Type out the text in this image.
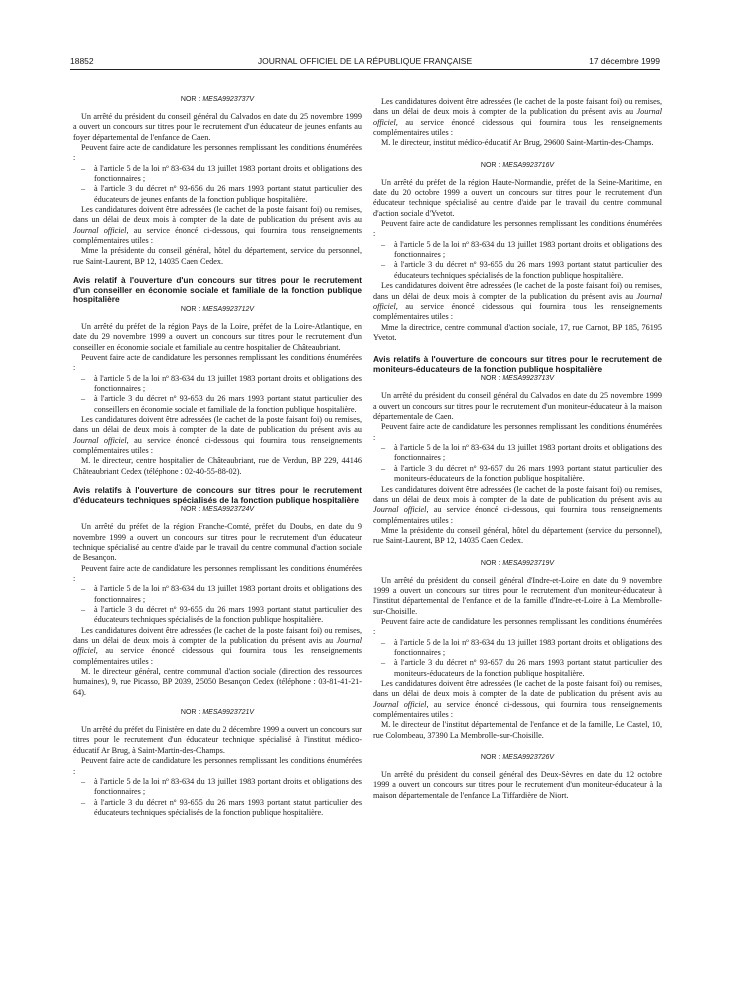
18852	JOURNAL OFFICIEL DE LA RÉPUBLIQUE FRANÇAISE	17 décembre 1999
NOR : MESA9923737V

Un arrêté du président du conseil général du Calvados en date du 25 novembre 1999 a ouvert un concours sur titres pour le recrutement d'un éducateur de jeunes enfants au foyer départemental de l'enfance de Caen.

Peuvent faire acte de candidature les personnes remplissant les conditions énumérées :

– à l'article 5 de la loi nº 83-634 du 13 juillet 1983 portant droits et obligations des fonctionnaires ;
– à l'article 3 du décret nº 93-656 du 26 mars 1993 portant statut particulier des éducateurs de jeunes enfants de la fonction publique hospitalière.

Les candidatures doivent être adressées (le cachet de la poste faisant foi) ou remises, dans un délai de deux mois à compter de la date de publication du présent avis au Journal officiel, au service énoncé ci-dessous, qui fournira tous renseignements complémentaires utiles :

Mme la présidente du conseil général, hôtel du département, service du personnel, rue Saint-Laurent, BP 12, 14035 Caen Cedex.

Avis relatif à l'ouverture d'un concours sur titres pour le recrutement d'un conseiller en économie sociale et familiale de la fonction publique hospitalière
NOR : MESA9923712V

Un arrêté du préfet de la région Pays de la Loire, préfet de la Loire-Atlantique, en date du 29 novembre 1999 a ouvert un concours sur titres pour le recrutement d'un conseiller en économie sociale et familiale au centre hospitalier de Châteaubriant.

Peuvent faire acte de candidature les personnes remplissant les conditions énumérées :

– à l'article 5 de la loi nº 83-634 du 13 juillet 1983 portant droits et obligations des fonctionnaires ;
– à l'article 3 du décret nº 93-653 du 26 mars 1993 portant statut particulier des conseillers en économie sociale et familiale de la fonction publique hospitalière.

Les candidatures doivent être adressées (le cachet de la poste faisant foi) ou remises, dans un délai de deux mois à compter de la date de publication du présent avis au Journal officiel, au service énoncé ci-dessous qui fournira tous renseignements complémentaires utiles :

M. le directeur, centre hospitalier de Châteaubriant, rue de Verdun, BP 229, 44146 Châteaubriant Cedex (téléphone : 02-40-55-88-02).

Avis relatifs à l'ouverture de concours sur titres pour le recrutement d'éducateurs techniques spécialisés de la fonction publique hospitalière
NOR : MESA9923724V

Un arrêté du préfet de la région Franche-Comté, préfet du Doubs, en date du 9 novembre 1999 a ouvert un concours sur titres pour le recrutement d'un éducateur technique spécialisé au centre d'aide par le travail du centre communal d'action sociale de Besançon.

Peuvent faire acte de candidature les personnes remplissant les conditions énumérées :

– à l'article 5 de la loi nº 83-634 du 13 juillet 1983 portant droits et obligations des fonctionnaires ;
– à l'article 3 du décret nº 93-655 du 26 mars 1993 portant statut particulier des éducateurs techniques spécialisés de la fonction publique hospitalière.

Les candidatures doivent être adressées (le cachet de la poste faisant foi) ou remises, dans un délai de deux mois à compter de la publication du présent avis au Journal officiel, au service énoncé cidessous qui fournira tous les renseignements complémentaires utiles :

M. le directeur général, centre communal d'action sociale (direction des ressources humaines), 9, rue Picasso, BP 2039, 25050 Besançon Cedex (téléphone : 03-81-41-21-64).

NOR : MESA9923721V

Un arrêté du préfet du Finistère en date du 2 décembre 1999 a ouvert un concours sur titres pour le recrutement d'un éducateur technique spécialisé à l'institut médico-éducatif Ar Brug, à Saint-Martin-des-Champs.

Peuvent faire acte de candidature les personnes remplissant les conditions énumérées :

– à l'article 5 de la loi nº 83-634 du 13 juillet 1983 portant droits et obligations des fonctionnaires ;
– à l'article 3 du décret nº 93-655 du 26 mars 1993 portant statut particulier des éducateurs techniques spécialisés de la fonction publique hospitalière.

Les candidatures doivent être adressées (le cachet de la poste faisant foi) ou remises, dans un délai de deux mois à compter de la publication du présent avis au Journal officiel, au service énoncé cidessous qui fournira tous les renseignements complémentaires utiles :

M. le directeur, institut médico-éducatif Ar Brug, 29600 Saint-Martin-des-Champs.

NOR : MESA9923716V

Un arrêté du préfet de la région Haute-Normandie, préfet de la Seine-Maritime, en date du 20 octobre 1999 a ouvert un concours sur titres pour le recrutement d'un éducateur technique spécialisé au centre d'aide par le travail du centre communal d'action sociale d'Yvetot.

Peuvent faire acte de candidature les personnes remplissant les conditions énumérées :

– à l'article 5 de la loi nº 83-634 du 13 juillet 1983 portant droits et obligations des fonctionnaires ;
– à l'article 3 du décret nº 93-655 du 26 mars 1993 portant statut particulier des éducateurs techniques spécialisés de la fonction publique hospitalière.

Les candidatures doivent être adressées (le cachet de la poste faisant foi) ou remises, dans un délai de deux mois à compter de la publication du présent avis au Journal officiel, au service énoncé cidessous qui fournira tous les renseignements complémentaires utiles :

Mme la directrice, centre communal d'action sociale, 17, rue Carnot, BP 185, 76195 Yvetot.

Avis relatifs à l'ouverture de concours sur titres pour le recrutement de moniteurs-éducateurs de la fonction publique hospitalière
NOR : MESA9923713V

Un arrêté du président du conseil général du Calvados en date du 25 novembre 1999 a ouvert un concours sur titres pour le recrutement d'un moniteur-éducateur à la maison départementale de Caen.

Peuvent faire acte de candidature les personnes remplissant les conditions énumérées :

– à l'article 5 de la loi nº 83-634 du 13 juillet 1983 portant droits et obligations des fonctionnaires ;
– à l'article 3 du décret nº 93-657 du 26 mars 1993 portant statut particulier des moniteurs-éducateurs de la fonction publique hospitalière.

Les candidatures doivent être adressées (le cachet de la poste faisant foi) ou remises, dans un délai de deux mois à compter de la date de publication du présent avis au Journal officiel, au service énoncé ci-dessous, qui fournira tous renseignements complémentaires utiles :

Mme la présidente du conseil général, hôtel du département (service du personnel), rue Saint-Laurent, BP 12, 14035 Caen Cedex.

NOR : MESA9923719V

Un arrêté du président du conseil général d'Indre-et-Loire en date du 9 novembre 1999 a ouvert un concours sur titres pour le recrutement d'un moniteur-éducateur à l'institut départemental de l'enfance et de la famille d'Indre-et-Loire à La Membrolle-sur-Choisille.

Peuvent faire acte de candidature les personnes remplissant les conditions énumérées :

– à l'article 5 de la loi nº 83-634 du 13 juillet 1983 portant droits et obligations des fonctionnaires ;
– à l'article 3 du décret nº 93-657 du 26 mars 1993 portant statut particulier des moniteurs-éducateurs de la fonction publique hospitalière.

Les candidatures doivent être adressées (le cachet de la poste faisant foi) ou remises, dans un délai de deux mois à compter de la date de publication du présent avis au Journal officiel, au service énoncé ci-dessous, qui fournira tous renseignements complémentaires utiles :

M. le directeur de l'institut départemental de l'enfance et de la famille, Le Castel, 10, rue Colombeau, 37390 La Membrolle-sur-Choisille.

NOR : MESA9923726V

Un arrêté du président du conseil général des Deux-Sèvres en date du 12 octobre 1999 a ouvert un concours sur titres pour le recrutement d'un moniteur-éducateur à la maison départementale de l'enfance La Tiffardière de Niort.
